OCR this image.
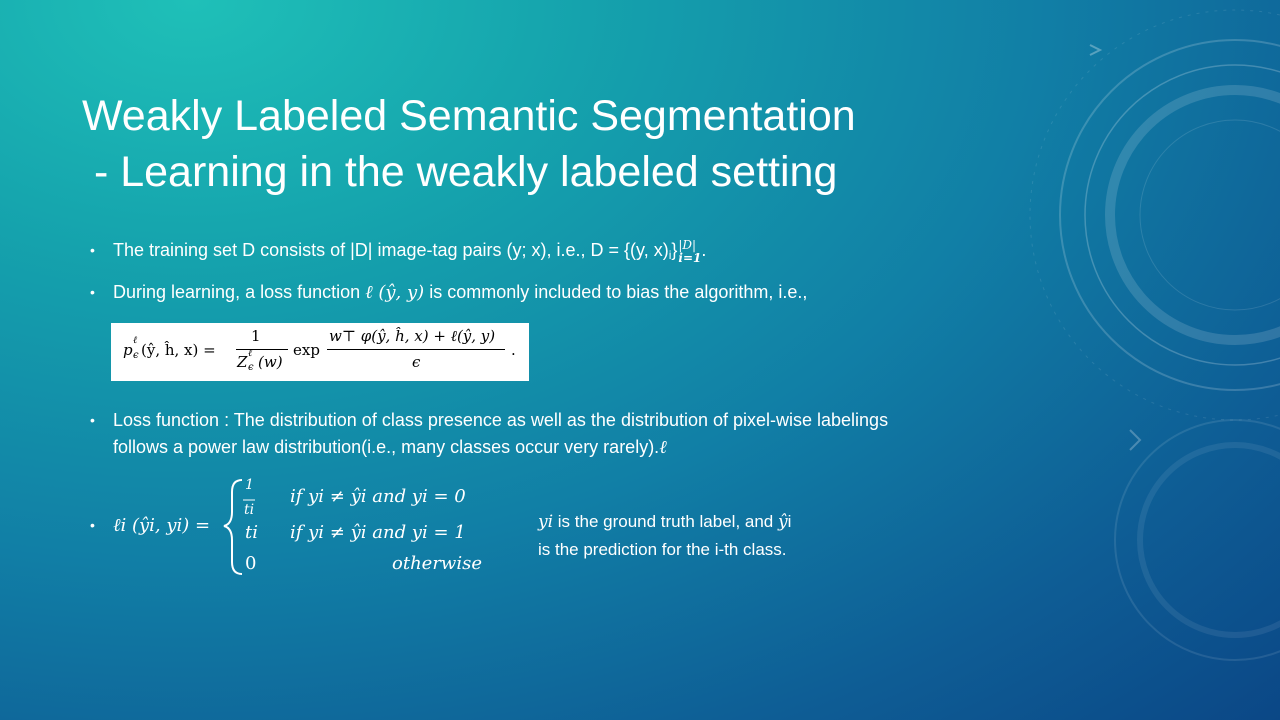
Weakly Labeled Semantic Segmentation
- Learning in the weakly labeled setting
•	The training set D consists of |D| image-tag pairs (y; x), i.e., D = {(y, x)i} |D|
i=1 .
•	During learning, a loss function ℓ (ŷ, y) is commonly included to bias the algorithm, i.e.,
p
ℓ
ϵ (ŷ, ĥ, x) =
1
Z ℓ
ϵ (w)
exp
w⊤ φ(ŷ, ĥ, x) + ℓ(ŷ, y)
ϵ
.
•	Loss function : The distribution of class presence as well as the distribution of pixel-wise labelings
follows a power law distribution(i.e., many classes occur very rarely).ℓ
•	ℓi (ŷi, yi) =
1
ti
if yi ≠ ŷi and yi = 0
ti if yi ≠ ŷi and yi = 1
0	otherwise
yi is the ground truth label, and ŷi
is the prediction for the i-th class.
